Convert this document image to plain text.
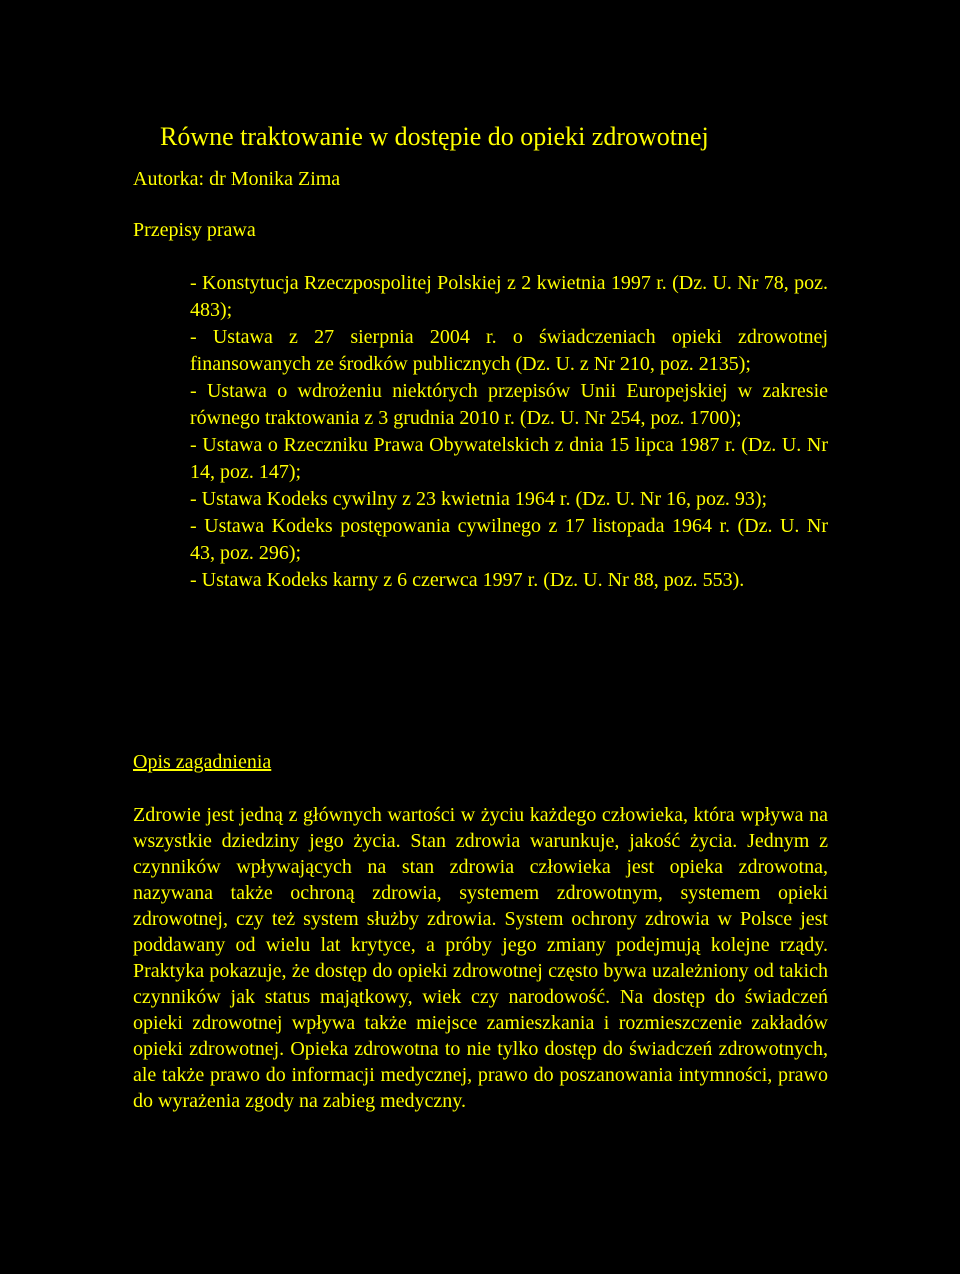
Równe traktowanie w dostępie do opieki zdrowotnej

Autorka: dr Monika Zima

Przepisy prawa

- Konstytucja Rzeczpospolitej Polskiej z 2 kwietnia 1997 r. (Dz. U. Nr 78, poz. 483);
- Ustawa z 27 sierpnia 2004 r. o świadczeniach opieki zdrowotnej finansowanych ze środków publicznych (Dz. U. z Nr 210, poz. 2135);
- Ustawa o wdrożeniu niektórych przepisów Unii Europejskiej w zakresie równego traktowania z 3 grudnia 2010 r. (Dz. U. Nr 254, poz. 1700);
- Ustawa o Rzeczniku Prawa Obywatelskich z dnia 15 lipca 1987 r. (Dz. U. Nr 14, poz. 147);
- Ustawa Kodeks cywilny z 23 kwietnia 1964 r. (Dz. U. Nr 16, poz. 93);
- Ustawa Kodeks postępowania cywilnego z 17 listopada 1964 r. (Dz. U. Nr 43, poz. 296);
- Ustawa Kodeks karny z 6 czerwca 1997 r. (Dz. U. Nr 88, poz. 553).

Opis zagadnienia

Zdrowie jest jedną z głównych wartości w życiu każdego człowieka, która wpływa na wszystkie dziedziny jego życia. Stan zdrowia warunkuje, jakość życia. Jednym z czynników wpływających na stan zdrowia człowieka jest opieka zdrowotna, nazywana także ochroną zdrowia, systemem zdrowotnym, systemem opieki zdrowotnej, czy też system służby zdrowia. System ochrony zdrowia w Polsce jest poddawany od wielu lat krytyce, a próby jego zmiany podejmują kolejne rządy. Praktyka pokazuje, że dostęp do opieki zdrowotnej często bywa uzależniony od takich czynników jak status majątkowy, wiek czy narodowość. Na dostęp do świadczeń opieki zdrowotnej wpływa także miejsce zamieszkania i rozmieszczenie zakładów opieki zdrowotnej. Opieka zdrowotna to nie tylko dostęp do świadczeń zdrowotnych, ale także prawo do informacji medycznej, prawo do poszanowania intymności, prawo do wyrażenia zgody na zabieg medyczny.
